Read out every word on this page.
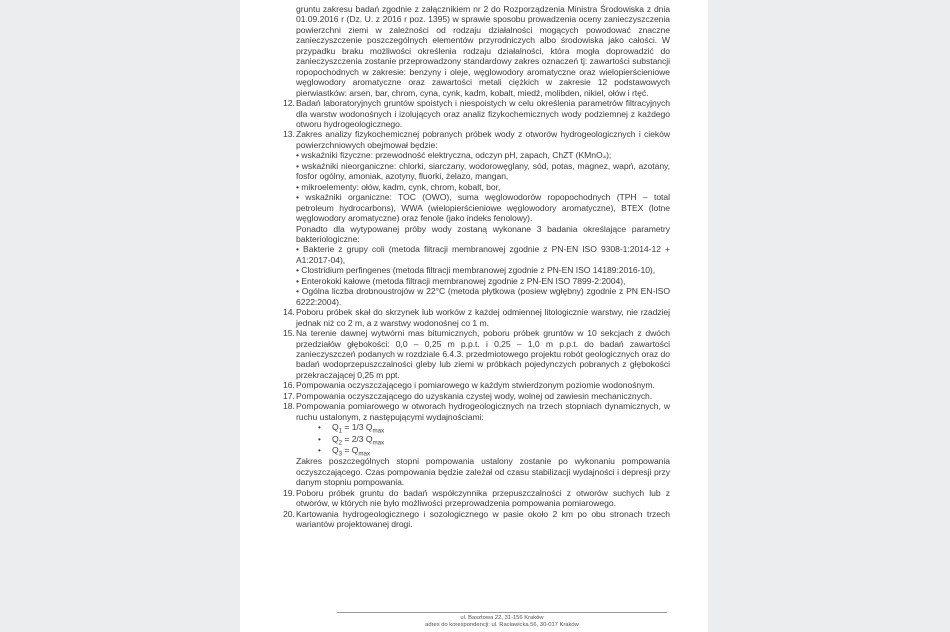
gruntu zakresu badań zgodnie z załącznikiem nr 2 do Rozporządzenia Ministra Środowiska z dnia 01.09.2016 r (Dz. U. z 2016 r poz. 1395) w sprawie sposobu prowadzenia oceny zanieczyszczenia powierzchni ziemi w zależności od rodzaju działalności mogących powodować znaczne zanieczyszczenie poszczególnych elementów przyrodniczych albo środowiska jako całości. W przypadku braku możliwości określenia rodzaju działalności, która mogła doprowadzić do zanieczyszczenia zostanie przeprowadzony standardowy zakres oznaczeń tj: zawartości substancji ropopochodnych w zakresie: benzyny i oleje, węglowodory aromatyczne oraz wielopierścieniowe węglowodory aromatyczne oraz zawartości metali ciężkich w zakresie 12 podstawowych pierwiastków: arsen, bar, chrom, cyna, cynk, kadm, kobalt, miedź, molibden, nikiel, ołów i rtęć.

12. Badań laboratoryjnych gruntów spoistych i niespoistych w celu określenia parametrów filtracyjnych dla warstw wodonośnych i izolujących oraz analiz fizykochemicznych wody podziemnej z każdego otworu hydrogeologicznego.

13. Zakres analizy fizykochemicznej pobranych próbek wody z otworów hydrogeologicznych i cieków powierzchniowych obejmował będzie:

• wskaźniki fizyczne: przewodność elektryczna, odczyn pH, zapach, ChZT (KMnO₄);

• wskaźniki nieorganiczne: chlorki, siarczany, wodorowęglany, sód, potas, magnez, wapń, azotany, fosfor ogólny, amoniak, azotyny, fluorki, żelazo, mangan,

• mikroelementy: ołów, kadm, cynk, chrom, kobalt, bor,

• wskaźniki organiczne: TOC (OWO), suma węglowodorów ropopochodnych (TPH – total petroleum hydrocarbons), WWA (wielopierścieniowe węglowodory aromatyczne), BTEX (lotne węglowodory aromatyczne) oraz fenole (jako indeks fenolowy).

Ponadto dla wytypowanej próby wody zostaną wykonane 3 badania określające parametry bakteriologiczne:

• Bakterie z grupy coli (metoda filtracji membranowej zgodnie z PN-EN ISO 9308-1:2014-12 + A1:2017-04),

• Clostridium perfingenes (metoda filtracji membranowej zgodnie z PN-EN ISO 14189:2016-10),

• Enterokoki kałowe (metoda filtracji membranowej zgodnie z PN-EN ISO 7899-2:2004),

• Ogólna liczba drobnoustrojów w 22°C (metoda płytkowa (posiew wgłębny) zgodnie z PN EN-ISO 6222:2004).

14. Poboru próbek skał do skrzynek lub worków z każdej odmiennej litologicznie warstwy, nie rzadziej jednak niż co 2 m, a z warstwy wodonośnej co 1 m.

15. Na terenie dawnej wytwórni mas bitumicznych, poboru próbek gruntów w 10 sekcjach z dwóch przedziałów głębokości: 0,0 – 0,25 m p.p.t. i 0,25 – 1,0 m p.p.t. do badań zawartości zanieczyszczeń podanych w rozdziale 6.4.3. przedmiotowego projektu robót geologicznych oraz do badań wodoprzepuszczalności gleby lub ziemi w próbkach pojedynczych pobranych z głębokości przekraczającej 0,25 m ppt.

16. Pompowania oczyszczającego i pomiarowego w każdym stwierdzonym poziomie wodonośnym.

17. Pompowania oczyszczającego do uzyskania czystej wody, wolnej od zawiesin mechanicznych.

18. Pompowania pomiarowego w otworach hydrogeologicznych na trzech stopniach dynamicznych, w ruchu ustalonym, z następującymi wydajnościami:

•	$Q_1 = 1/3$ $Q_{max}$
•	$Q_2 = 2/3$ $Q_{max}$
•	$Q_3 = Q_{max}$

Zakres poszczególnych stopni pompowania ustalony zostanie po wykonaniu pompowania oczyszczającego. Czas pompowania będzie zależał od czasu stabilizacji wydajności i depresji przy danym stopniu pompowania.

19. Poboru próbek gruntu do badań współczynnika przepuszczalności z otworów suchych lub z otworów, w których nie było możliwości przeprowadzenia pompowania pomiarowego.

20. Kartowania hydrogeologicznego i sozologicznego w pasie około 2 km po obu stronach trzech wariantów projektowanej drogi.

ul. Basztowa 22, 31-156 Kraków
adres do korespondencji: ul. Racławicka 56, 30-017 Kraków
